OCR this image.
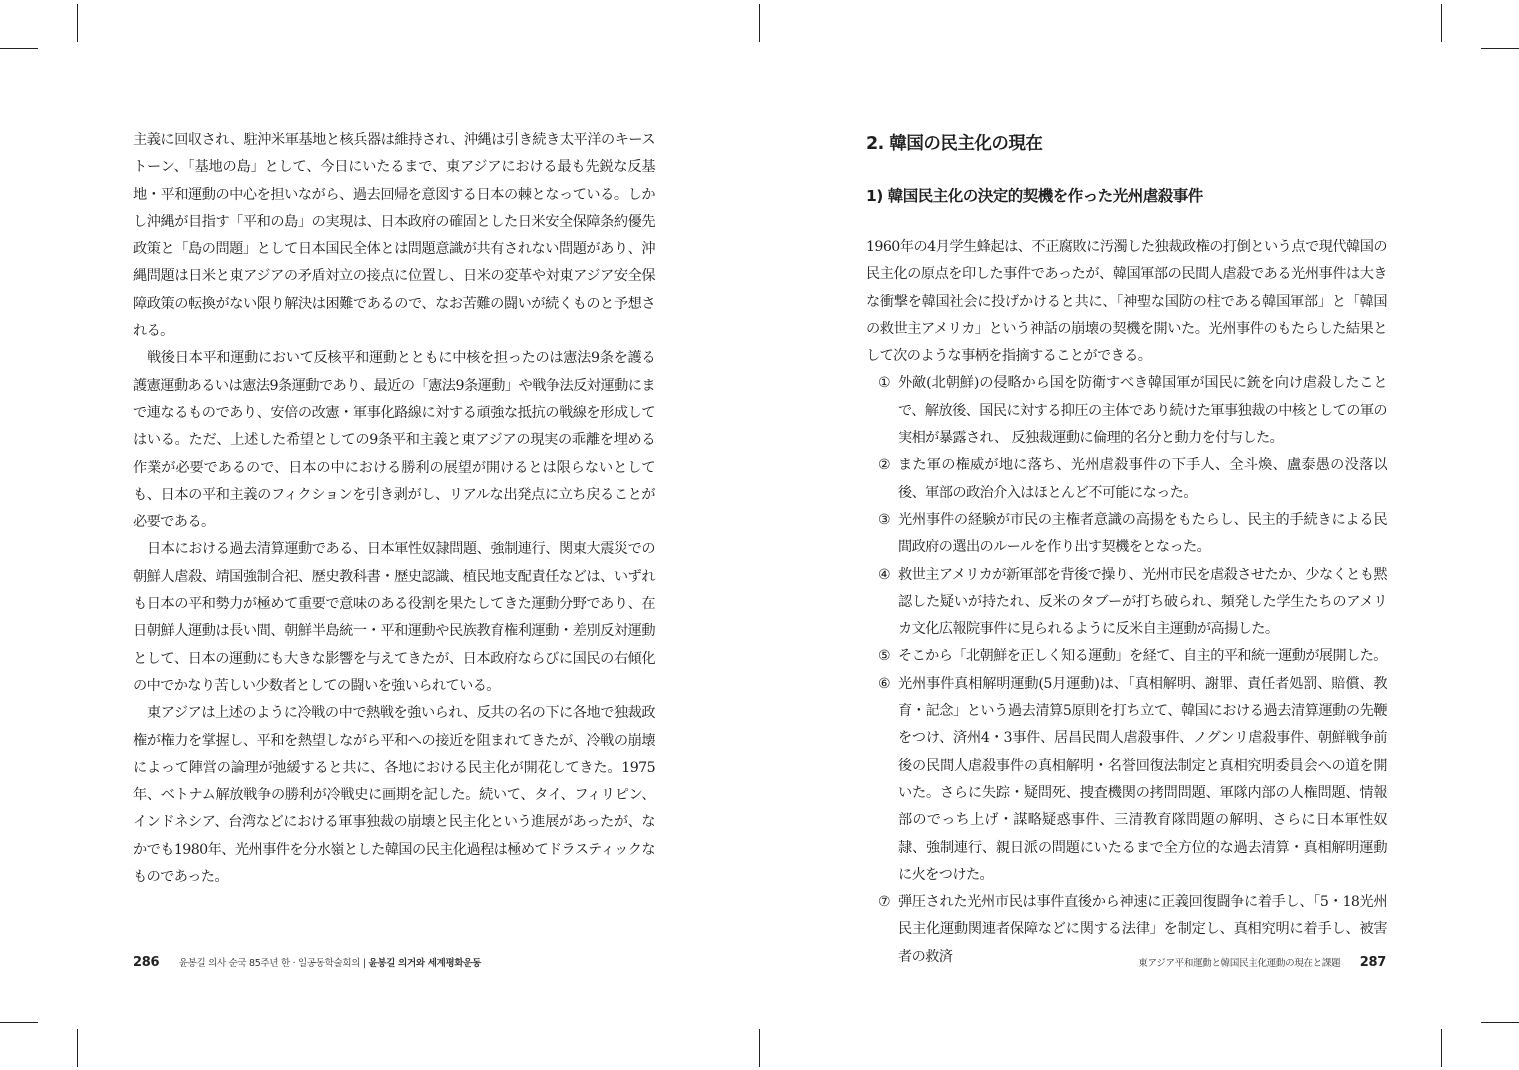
主義に回収され、駐沖米軍基地と核兵器は維持され、沖縄は引き続き太平洋のキーストーン、「基地の島」として、今日にいたるまで、東アジアにおける最も先鋭な反基地・平和運動の中心を担いながら、過去回帰を意図する日本の棘となっている。しかし沖縄が目指す「平和の島」の実現は、日本政府の確固とした日米安全保障条約優先政策と「島の問題」として日本国民全体とは問題意識が共有されない問題があり、沖縄問題は日米と東アジアの矛盾対立の接点に位置し、日米の変革や対東アジア安全保障政策の転換がない限り解決は困難であるので、なお苦難の闘いが続くものと予想される。

戦後日本平和運動において反核平和運動とともに中核を担ったのは憲法9条を護る護憲運動あるいは憲法9条運動であり、最近の「憲法9条運動」や戦争法反対運動にまで連なるものであり、安倍の改憲・軍事化路線に対する頑強な抵抗の戦線を形成してはいる。ただ、上述した希望としての9条平和主義と東アジアの現実の乖離を埋める作業が必要であるので、日本の中における勝利の展望が開けるとは限らないとしても、日本の平和主義のフィクションを引き剥がし、リアルな出発点に立ち戻ることが必要である。

日本における過去清算運動である、日本軍性奴隷問題、強制連行、関東大震災での朝鮮人虐殺、靖国強制合祀、歴史教科書・歴史認識、植民地支配責任などは、いずれも日本の平和勢力が極めて重要で意味のある役割を果たしてきた運動分野であり、在日朝鮮人運動は長い間、朝鮮半島統一・平和運動や民族教育権利運動・差別反対運動として、日本の運動にも大きな影響を与えてきたが、日本政府ならびに国民の右傾化の中でかなり苦しい少数者としての闘いを強いられている。

東アジアは上述のように冷戦の中で熱戦を強いられ、反共の名の下に各地で独裁政権が権力を掌握し、平和を熱望しながら平和への接近を阻まれてきたが、冷戦の崩壊によって陣営の論理が弛緩すると共に、各地における民主化が開花してきた。1975年、ベトナム解放戦争の勝利が冷戦史に画期を記した。続いて、タイ、フィリピン、インドネシア、台湾などにおける軍事独裁の崩壊と民主化という進展があったが、なかでも1980年、光州事件を分水嶺とした韓国の民主化過程は極めてドラスティックなものであった。

286 윤봉길 의사 순국 85주년 한 · 일공동학술회의 | 윤봉길 의거와 세계평화운동
2. 韓国の民主化の現在
1) 韓国民主化の決定的契機を作った光州虐殺事件

1960年の4月学生蜂起は、不正腐敗に汚濁した独裁政権の打倒という点で現代韓国の民主化の原点を印した事件であったが、韓国軍部の民間人虐殺である光州事件は大きな衝撃を韓国社会に投げかけると共に、「神聖な国防の柱である韓国軍部」と「韓国の救世主アメリカ」という神話の崩壊の契機を開いた。光州事件のもたらした結果として次のような事柄を指摘することができる。

① 外敵(北朝鮮)の侵略から国を防衛すべき韓国軍が国民に銃を向け虐殺したことで、解放後、国民に対する抑圧の主体であり続けた軍事独裁の中核としての軍の実相が暴露され、 反独裁運動に倫理的名分と動力を付与した。
② また軍の権威が地に落ち、光州虐殺事件の下手人、全斗煥、盧泰愚の没落以後、軍部の政治介入はほとんど不可能になった。
③ 光州事件の経験が市民の主権者意識の高揚をもたらし、民主的手続きによる民間政府の選出のルールを作り出す契機をとなった。
④ 救世主アメリカが新軍部を背後で操り、光州市民を虐殺させたか、少なくとも黙認した疑いが持たれ、反米のタブーが打ち破られ、頻発した学生たちのアメリカ文化広報院事件に見られるように反米自主運動が高揚した。
⑤ そこから「北朝鮮を正しく知る運動」を経て、自主的平和統一運動が展開した。
⑥ 光州事件真相解明運動(5月運動)は、「真相解明、謝罪、責任者処罰、賠償、教育・記念」という過去清算5原則を打ち立て、韓国における過去清算運動の先鞭をつけ、済州4・3事件、居昌民間人虐殺事件、ノグンリ虐殺事件、朝鮮戦争前後の民間人虐殺事件の真相解明・名誉回復法制定と真相究明委員会への道を開いた。さらに失踪・疑問死、捜査機関の拷問問題、軍隊内部の人権問題、情報部のでっち上げ・謀略疑惑事件、三清教育隊問題の解明、さらに日本軍性奴隷、強制連行、親日派の問題にいたるまで全方位的な過去清算・真相解明運動に火をつけた。
⑦ 弾圧された光州市民は事件直後から神速に正義回復闘争に着手し、「5・18光州民主化運動関連者保障などに関する法律」を制定し、真相究明に着手し、被害者の救済	東アジア平和運動と韓国民主化運動の現在と課題 287
